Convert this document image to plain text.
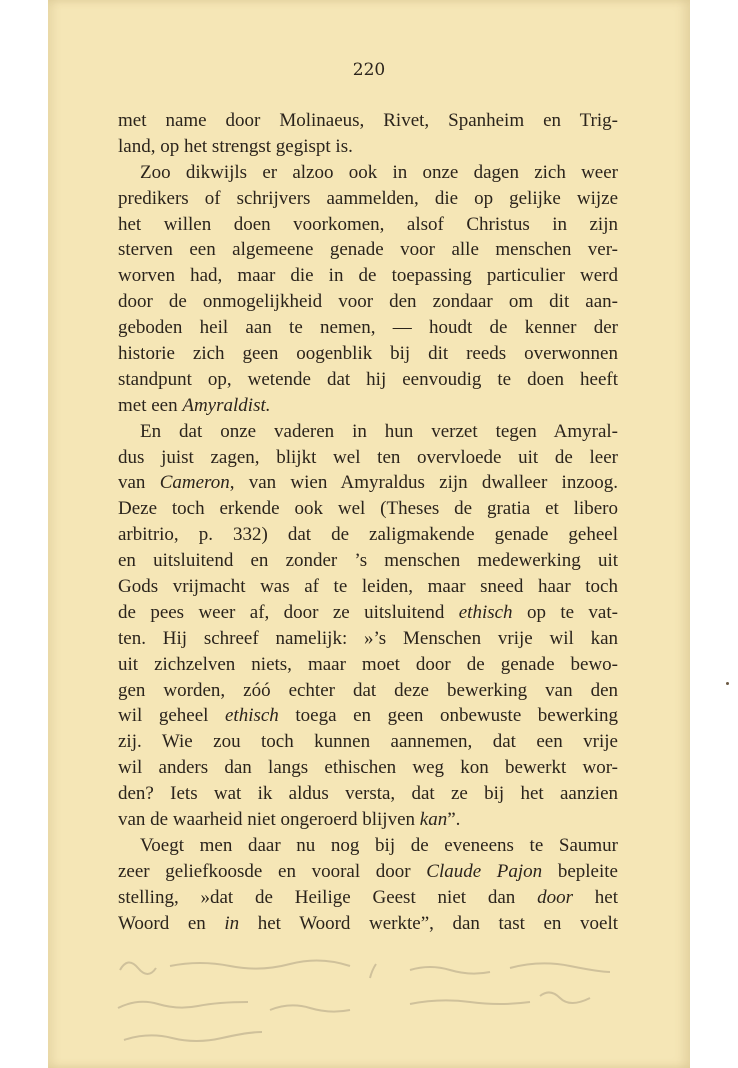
220
met name door Molinaeus, Rivet, Spanheim en Trig-
land, op het strengst gegispt is.
Zoo dikwijls er alzoo ook in onze dagen zich weer
predikers of schrijvers aammelden, die op gelijke wijze
het willen doen voorkomen, alsof Christus in zijn
sterven een algemeene genade voor alle menschen ver-
worven had, maar die in de toepassing particulier werd
door de onmogelijkheid voor den zondaar om dit aan-
geboden heil aan te nemen, — houdt de kenner der
historie zich geen oogenblik bij dit reeds overwonnen
standpunt op, wetende dat hij eenvoudig te doen heeft
met een Amyraldist.
En dat onze vaderen in hun verzet tegen Amyral-
dus juist zagen, blijkt wel ten overvloede uit de leer
van Cameron, van wien Amyraldus zijn dwalleer inzoog.
Deze toch erkende ook wel (Theses de gratia et libero
arbitrio, p. 332) dat de zaligmakende genade geheel
en uitsluitend en zonder ’s menschen medewerking uit
Gods vrijmacht was af te leiden, maar sneed haar toch
de pees weer af, door ze uitsluitend ethisch op te vat-
ten. Hij schreef namelijk: »’s Menschen vrije wil kan
uit zichzelven niets, maar moet door de genade bewo-
gen worden, zóó echter dat deze bewerking van den
wil geheel ethisch toega en geen onbewuste bewerking
zij. Wie zou toch kunnen aannemen, dat een vrije
wil anders dan langs ethischen weg kon bewerkt wor-
den? Iets wat ik aldus versta, dat ze bij het aanzien
van de waarheid niet ongeroerd blijven kan”.
Voegt men daar nu nog bij de eveneens te Saumur
zeer geliefkoosde en vooral door Claude Pajon bepleite
stelling, »dat de Heilige Geest niet dan door het
Woord en in het Woord werkte”, dan tast en voelt
